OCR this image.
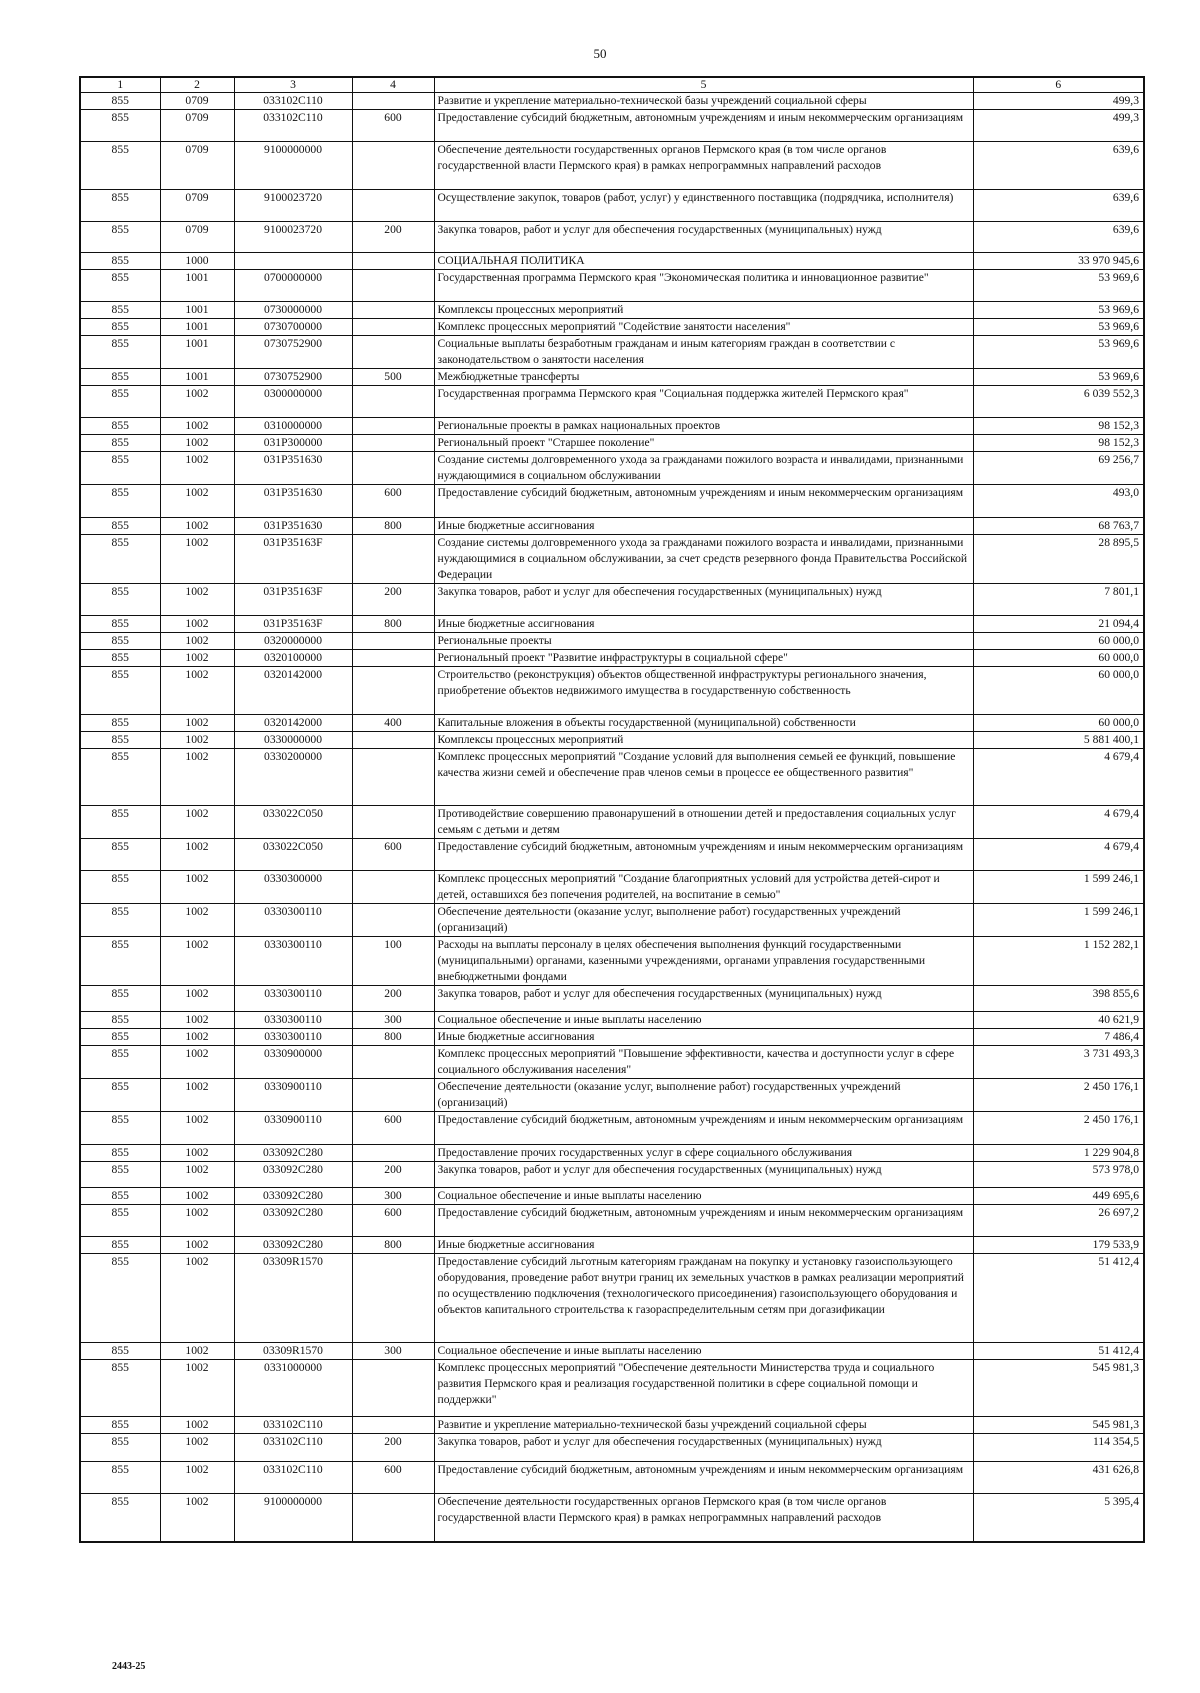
50
1	2	3	4	5	6
855	0709	033102С110		Развитие и укрепление материально-технической базы учреждений социальной сферы	499,3
855	0709	033102С110	600	Предоставление субсидий бюджетным, автономным учреждениям и иным некоммерческим организациям	499,3
855	0709	9100000000		Обеспечение деятельности государственных органов Пермского края (в том числе органов государственной власти Пермского края) в рамках непрограммных направлений расходов	639,6
855	0709	9100023720		Осуществление закупок, товаров (работ, услуг) у единственного поставщика (подрядчика, исполнителя)	639,6
855	0709	9100023720	200	Закупка товаров, работ и услуг для обеспечения государственных (муниципальных) нужд	639,6
855	1000			СОЦИАЛЬНАЯ ПОЛИТИКА	33 970 945,6
855	1001	0700000000		Государственная программа Пермского края "Экономическая политика и инновационное развитие"	53 969,6
855	1001	0730000000		Комплексы процессных мероприятий	53 969,6
855	1001	0730700000		Комплекс процессных мероприятий "Содействие занятости населения"	53 969,6
855	1001	0730752900		Социальные выплаты безработным гражданам и иным категориям граждан в соответствии с законодательством о занятости населения	53 969,6
855	1001	0730752900	500	Межбюджетные трансферты	53 969,6
855	1002	0300000000		Государственная программа Пермского края "Социальная поддержка жителей Пермского края"	6 039 552,3
855	1002	0310000000		Региональные проекты в рамках национальных проектов	98 152,3
855	1002	031Р300000		Региональный проект "Старшее поколение"	98 152,3
855	1002	031Р351630		Создание системы долговременного ухода за гражданами пожилого возраста и инвалидами, признанными нуждающимися в социальном обслуживании	69 256,7
855	1002	031Р351630	600	Предоставление субсидий бюджетным, автономным учреждениям и иным некоммерческим организациям	493,0
855	1002	031Р351630	800	Иные бюджетные ассигнования	68 763,7
855	1002	031Р35163F		Создание системы долговременного ухода за гражданами пожилого возраста и инвалидами, признанными нуждающимися в социальном обслуживании, за счет средств резервного фонда Правительства Российской Федерации	28 895,5
855	1002	031Р35163F	200	Закупка товаров, работ и услуг для обеспечения государственных (муниципальных) нужд	7 801,1
855	1002	031Р35163F	800	Иные бюджетные ассигнования	21 094,4
855	1002	0320000000		Региональные проекты	60 000,0
855	1002	0320100000		Региональный проект "Развитие инфраструктуры в социальной сфере"	60 000,0
855	1002	0320142000		Строительство (реконструкция) объектов общественной инфраструктуры регионального значения, приобретение объектов недвижимого имущества в государственную собственность	60 000,0
855	1002	0320142000	400	Капитальные вложения в объекты государственной (муниципальной) собственности	60 000,0
855	1002	0330000000		Комплексы процессных мероприятий	5 881 400,1
855	1002	0330200000		Комплекс процессных мероприятий "Создание условий для выполнения семьей ее функций, повышение качества жизни семей и обеспечение прав членов семьи в процессе ее общественного развития"	4 679,4
855	1002	033022С050		Противодействие совершению правонарушений в отношении детей и предоставления социальных услуг семьям с детьми и детям	4 679,4
855	1002	033022С050	600	Предоставление субсидий бюджетным, автономным учреждениям и иным некоммерческим организациям	4 679,4
855	1002	0330300000		Комплекс процессных мероприятий "Создание благоприятных условий для устройства детей-сирот и детей, оставшихся без попечения родителей, на воспитание в семью"	1 599 246,1
855	1002	0330300110		Обеспечение деятельности (оказание услуг, выполнение работ) государственных учреждений (организаций)	1 599 246,1
855	1002	0330300110	100	Расходы на выплаты персоналу в целях обеспечения выполнения функций государственными (муниципальными) органами, казенными учреждениями, органами управления государственными внебюджетными фондами	1 152 282,1
855	1002	0330300110	200	Закупка товаров, работ и услуг для обеспечения государственных (муниципальных) нужд	398 855,6
855	1002	0330300110	300	Социальное обеспечение и иные выплаты населению	40 621,9
855	1002	0330300110	800	Иные бюджетные ассигнования	7 486,4
855	1002	0330900000		Комплекс процессных мероприятий "Повышение эффективности, качества и доступности услуг в сфере социального обслуживания населения"	3 731 493,3
855	1002	0330900110		Обеспечение деятельности (оказание услуг, выполнение работ) государственных учреждений (организаций)	2 450 176,1
855	1002	0330900110	600	Предоставление субсидий бюджетным, автономным учреждениям и иным некоммерческим организациям	2 450 176,1
855	1002	033092С280		Предоставление прочих государственных услуг в сфере социального обслуживания	1 229 904,8
855	1002	033092С280	200	Закупка товаров, работ и услуг для обеспечения государственных (муниципальных) нужд	573 978,0
855	1002	033092С280	300	Социальное обеспечение и иные выплаты населению	449 695,6
855	1002	033092С280	600	Предоставление субсидий бюджетным, автономным учреждениям и иным некоммерческим организациям	26 697,2
855	1002	033092С280	800	Иные бюджетные ассигнования	179 533,9
855	1002	03309R1570		Предоставление субсидий льготным категориям гражданам на покупку и установку газоиспользующего оборудования, проведение работ внутри границ их земельных участков в рамках реализации мероприятий по осуществлению подключения (технологического присоединения) газоиспользующего оборудования и объектов капитального строительства к газораспределительным сетям при догазификации	51 412,4
855	1002	03309R1570	300	Социальное обеспечение и иные выплаты населению	51 412,4
855	1002	0331000000		Комплекс процессных мероприятий "Обеспечение деятельности Министерства труда и социального развития Пермского края и реализация государственной политики в сфере социальной помощи и поддержки"	545 981,3
855	1002	033102С110		Развитие и укрепление материально-технической базы учреждений социальной сферы	545 981,3
855	1002	033102С110	200	Закупка товаров, работ и услуг для обеспечения государственных (муниципальных) нужд	114 354,5
855	1002	033102С110	600	Предоставление субсидий бюджетным, автономным учреждениям и иным некоммерческим организациям	431 626,8
855	1002	9100000000		Обеспечение деятельности государственных органов Пермского края (в том числе органов государственной власти Пермского края) в рамках непрограммных направлений расходов	5 395,4
2443-25
